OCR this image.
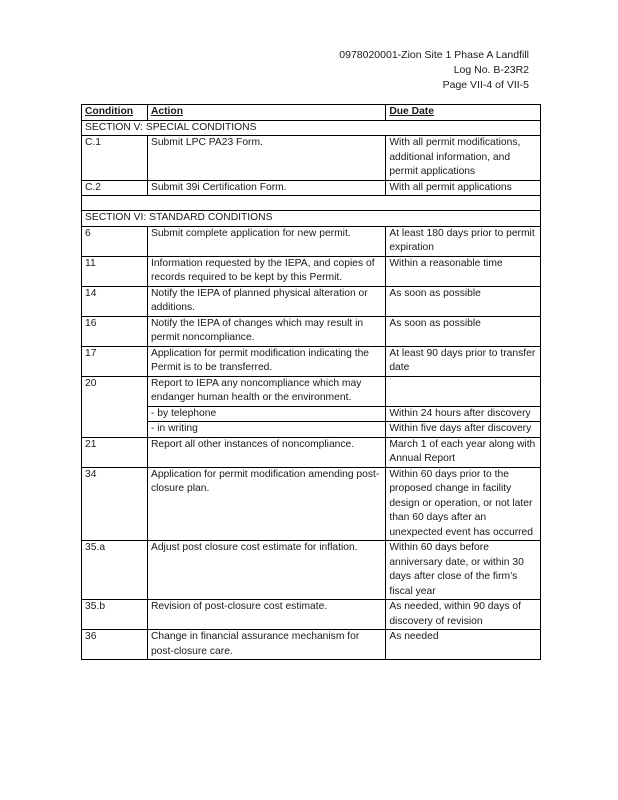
0978020001-Zion Site 1 Phase A Landfill
Log No. B-23R2
Page VII-4 of VII-5
Condition	Action	Due Date
SECTION V: SPECIAL CONDITIONS		
C.1	Submit LPC PA23 Form.	With all permit modifications, additional information, and permit applications
C.2	Submit 39i Certification Form.	With all permit applications

SECTION VI: STANDARD CONDITIONS		
6	Submit complete application for new permit.	At least 180 days prior to permit expiration
11	Information requested by the IEPA, and copies of records required to be kept by this Permit.	Within a reasonable time
14	Notify the IEPA of planned physical alteration or additions.	As soon as possible
16	Notify the IEPA of changes which may result in permit noncompliance.	As soon as possible
17	Application for permit modification indicating the Permit is to be transferred.	At least 90 days prior to transfer date
20	Report to IEPA any noncompliance which may endanger human health or the environment.	
	- by telephone	Within 24 hours after discovery
	- in writing	Within five days after discovery
21	Report all other instances of noncompliance.	March 1 of each year along with Annual Report
34	Application for permit modification amending post-closure plan.	Within 60 days prior to the proposed change in facility design or operation, or not later than 60 days after an unexpected event has occurred
35.a	Adjust post closure cost estimate for inflation.	Within 60 days before anniversary date, or within 30 days after close of the firm’s fiscal year
35.b	Revision of post-closure cost estimate.	As needed, within 90 days of discovery of revision
36	Change in financial assurance mechanism for post-closure care.	As needed
